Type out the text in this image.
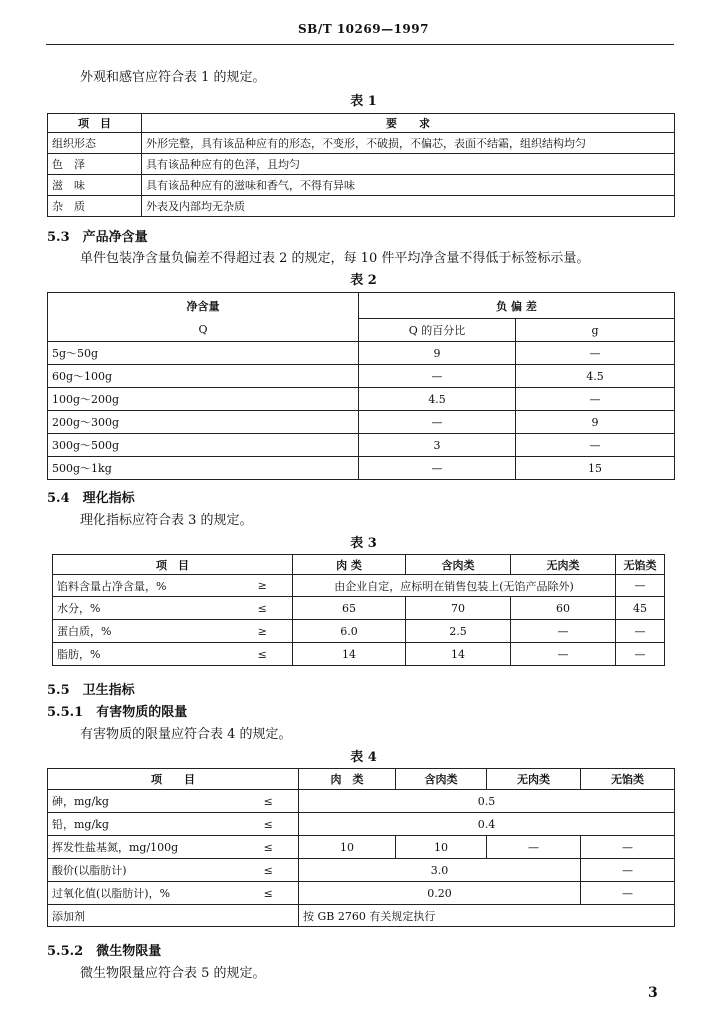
SB/T 10269—1997
外观和感官应符合表 1 的规定。
表 1
项　目	要　　求
组织形态	外形完整，具有该品种应有的形态，不变形，不破损，不偏芯，表面不结霜，组织结构均匀
色　泽	具有该品种应有的色泽，且均匀
滋　味	具有该品种应有的滋味和香气，不得有异味
杂　质	外表及内部均无杂质
5.3　产品净含量
单件包装净含量负偏差不得超过表 2 的规定，每 10 件平均净含量不得低于标签标示量。
表 2
净含量	负 偏 差	
Q	Q 的百分比	g
5g～50g	9	—
60g～100g	—	4.5
100g～200g	4.5	—
200g～300g	—	9
300g～500g	3	—
500g～1kg	—	15
5.4　理化指标
理化指标应符合表 3 的规定。
表 3
项　目		肉 类	含肉类	无肉类	无馅类
馅料含量占净含量，%	≥	由企业自定，应标明在销售包装上(无馅产品除外)			—
水分，%	≤	65	70	60	45
蛋白质，%	≥	6.0	2.5	—	—
脂肪，%	≤	14	14	—	—
5.5　卫生指标
5.5.1　有害物质的限量
有害物质的限量应符合表 4 的规定。
表 4
项　　目		肉　类	含肉类	无肉类	无馅类
砷，mg/kg	≤	0.5			
铅，mg/kg	≤	0.4			
挥发性盐基氮，mg/100g	≤	10	10	—	—
酸价(以脂肪计)	≤	3.0			—
过氧化值(以脂肪计)，%	≤	0.20			—
添加剂		按 GB 2760 有关规定执行			
5.5.2　微生物限量
微生物限量应符合表 5 的规定。
3
